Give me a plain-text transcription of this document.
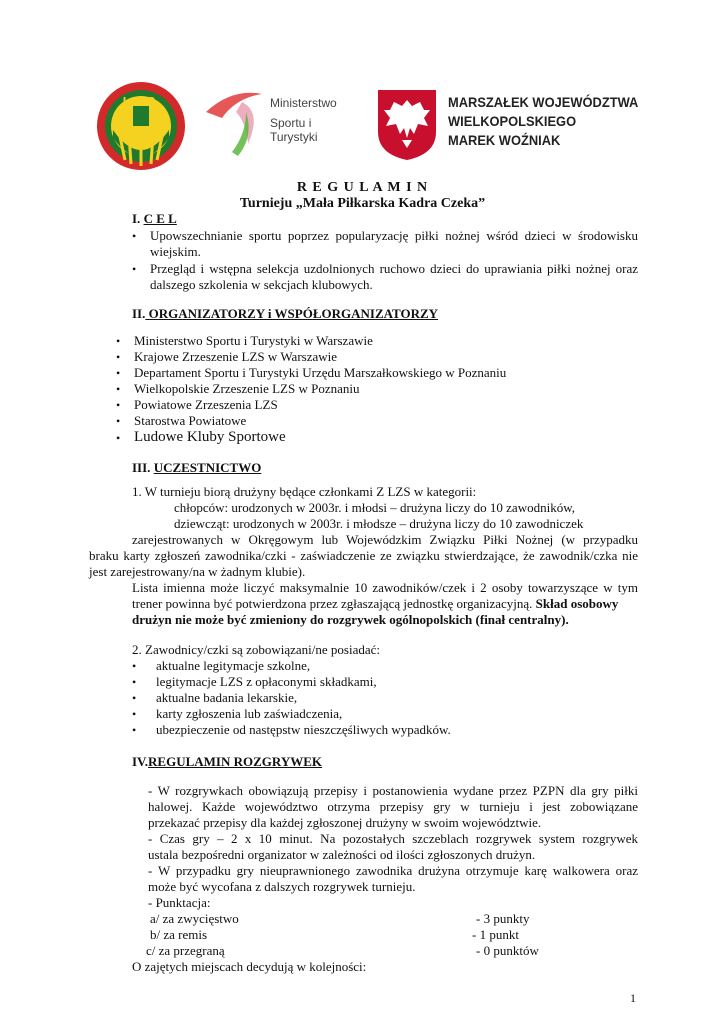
LZS	Ministerstwo
Sportu i Turystyki
MARSZAŁEK WOJEWÓDZTWA
WIELKOPOLSKIEGO
MAREK WOŹNIAK
R E G U L A M I N
Turnieju „Mała Piłkarska Kadra Czeka”
I. C E L
• Upowszechnianie sportu poprzez popularyzację piłki nożnej wśród dzieci w środowisku
wiejskim.
• Przegląd i wstępna selekcja uzdolnionych ruchowo dzieci do uprawiania piłki nożnej oraz
dalszego szkolenia w sekcjach klubowych.
II. ORGANIZATORZY i WSPÓŁORGANIZATORZY
• Ministerstwo Sportu i Turystyki w Warszawie
• Krajowe Zrzeszenie LZS w Warszawie
• Departament Sportu i Turystyki Urzędu Marszałkowskiego w Poznaniu
• Wielkopolskie Zrzeszenie LZS w Poznaniu
• Powiatowe Zrzeszenia LZS
• Starostwa Powiatowe
• Ludowe Kluby Sportowe
III. UCZESTNICTWO
1. W turnieju biorą drużyny będące członkami Z LZS w kategorii:
chłopców: urodzonych w 2003r. i młodsi – drużyna liczy do 10 zawodników,
dziewcząt: urodzonych w 2003r. i młodsze – drużyna liczy do 10 zawodniczek
zarejestrowanych w Okręgowym lub Wojewódzkim Związku Piłki Nożnej (w przypadku
braku karty zgłoszeń zawodnika/czki - zaświadczenie ze związku stwierdzające, że zawodnik/czka nie
jest zarejestrowany/na w żadnym klubie).
Lista imienna może liczyć maksymalnie 10 zawodników/czek i 2 osoby towarzyszące w tym
trener powinna być potwierdzona przez zgłaszającą jednostkę organizacyjną. Skład osobowy
drużyn nie może być zmieniony do rozgrywek ogólnopolskich (finał centralny).
2. Zawodnicy/czki są zobowiązani/ne posiadać:
• aktualne legitymacje szkolne,
• legitymacje LZS z opłaconymi składkami,
• aktualne badania lekarskie,
• karty zgłoszenia lub zaświadczenia,
• ubezpieczenie od następstw nieszczęśliwych wypadków.
IV.REGULAMIN ROZGRYWEK
- W rozgrywkach obowiązują przepisy i postanowienia wydane przez PZPN dla gry piłki
halowej. Każde województwo otrzyma przepisy gry w turnieju i jest zobowiązane
przekazać przepisy dla każdej zgłoszonej drużyny w swoim województwie.
- Czas gry – 2 x 10 minut. Na pozostałych szczeblach rozgrywek system rozgrywek
ustala bezpośredni organizator w zależności od ilości zgłoszonych drużyn.
- W przypadku gry nieuprawnionego zawodnika drużyna otrzymuje karę walkowera oraz
może być wycofana z dalszych rozgrywek turnieju.
- Punktacja:
a/ za zwycięstwo	- 3 punkty
b/ za remis	- 1 punkt
c/ za przegraną	- 0 punktów
O zajętych miejscach decydują w kolejności:
1
